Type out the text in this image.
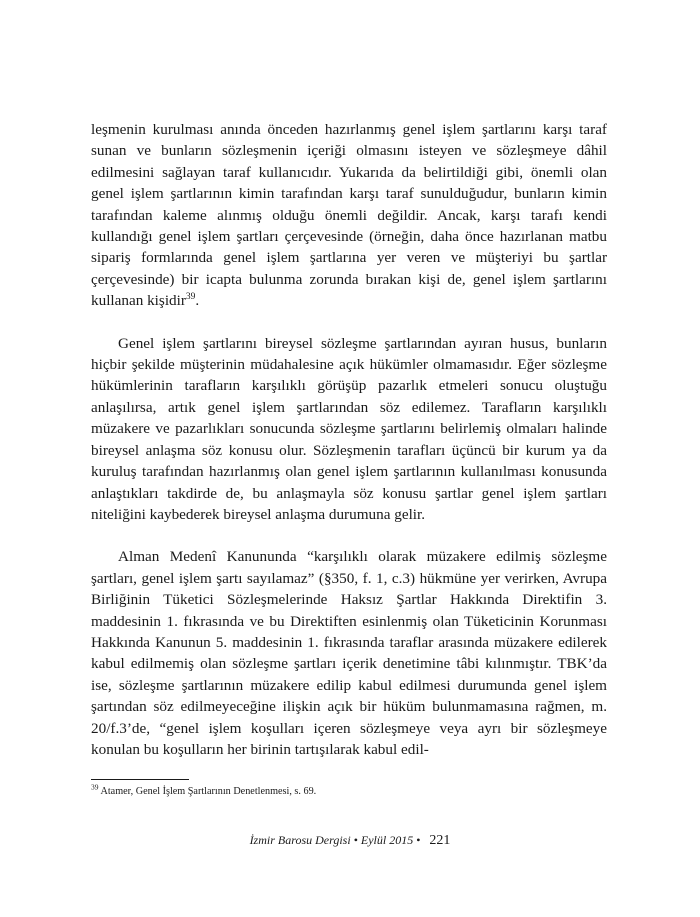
leşmenin kurulması anında önceden hazırlanmış genel işlem şartlarını karşı taraf sunan ve bunların sözleşmenin içeriği olmasını isteyen ve sözleşmeye dâhil edilmesini sağlayan taraf kullanıcıdır. Yukarıda da belirtildiği gibi, önemli olan genel işlem şartlarının kimin tarafından karşı taraf sunulduğudur, bunların kimin tarafından kaleme alınmış olduğu önemli değildir. Ancak, karşı tarafı kendi kullandığı genel işlem şartları çerçevesinde (örneğin, daha önce hazırlanan matbu sipariş formlarında genel işlem şartlarına yer veren ve müşteriyi bu şartlar çerçevesinde) bir icapta bulunma zorunda bırakan kişi de, genel işlem şartlarını kullanan kişidir$^{39}$.

Genel işlem şartlarını bireysel sözleşme şartlarından ayıran husus, bunların hiçbir şekilde müşterinin müdahalesine açık hükümler olmamasıdır. Eğer sözleşme hükümlerinin tarafların karşılıklı görüşüp pazarlık etmeleri sonucu oluştuğu anlaşılırsa, artık genel işlem şartlarından söz edilemez. Tarafların karşılıklı müzakere ve pazarlıkları sonucunda sözleşme şartlarını belirlemiş olmaları halinde bireysel anlaşma söz konusu olur. Sözleşmenin tarafları üçüncü bir kurum ya da kuruluş tarafından hazırlanmış olan genel işlem şartlarının kullanılması konusunda anlaştıkları takdirde de, bu anlaşmayla söz konusu şartlar genel işlem şartları niteliğini kaybederek bireysel anlaşma durumuna gelir.

Alman Medenî Kanununda “karşılıklı olarak müzakere edilmiş sözleşme şartları, genel işlem şartı sayılamaz” (§350, f. 1, c.3) hükmüne yer verirken, Avrupa Birliğinin Tüketici Sözleşmelerinde Haksız Şartlar Hakkında Direktifin 3. maddesinin 1. fıkrasında ve bu Direktiften esinlenmiş olan Tüketicinin Korunması Hakkında Kanunun 5. maddesinin 1. fıkrasında taraflar arasında müzakere edilerek kabul edilmemiş olan sözleşme şartları içerik denetimine tâbi kılınmıştır. TBK’da ise, sözleşme şartlarının müzakere edilip kabul edilmesi durumunda genel işlem şartından söz edilmeyeceğine ilişkin açık bir hüküm bulunmamasına rağmen, m. 20/f.3’de, “genel işlem koşulları içeren sözleşmeye veya ayrı bir sözleşmeye konulan bu koşulların her birinin tartışılarak kabul edil-

$^{39}$ Atamer, Genel İşlem Şartlarının Denetlenmesi, s. 69.
İzmir Barosu Dergisi • Eylül 2015 • 221
